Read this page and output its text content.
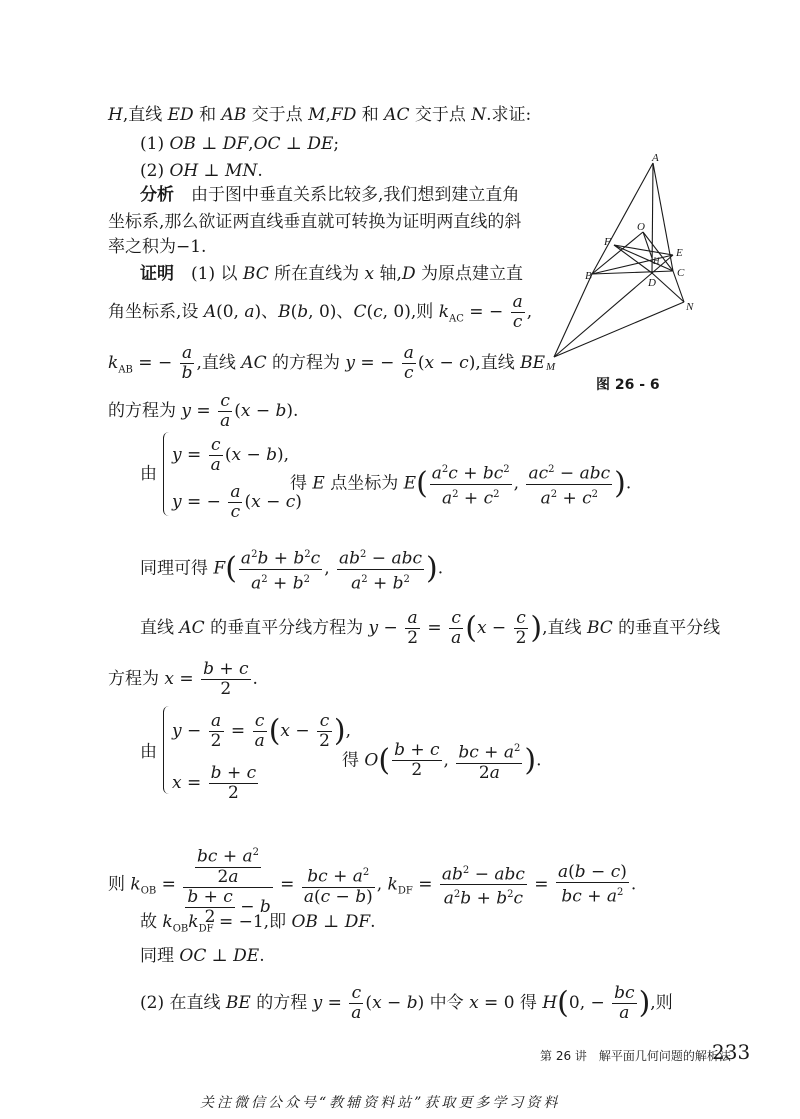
H,直线 ED 和 AB 交于点 M,FD 和 AC 交于点 N.求证:
(1) OB ⊥ DF,OC ⊥ DE;
(2) OH ⊥ MN.
分析　 由于图中垂直关系比较多,我们想到建立直角
坐标系,那么欲证两直线垂直就可转换为证明两直线的斜
率之积为−1.
证明　(1) 以 BC 所在直线为 x 轴,D 为原点建立直
角坐标系,设 A(0, a)、B(b, 0)、C(c, 0),则 $k_{AC}$ = − $\frac{a}{c}$ ,
$k_{AB}$ = − $\frac{a}{b}$ ,直线 AC 的方程为 y = − $\frac{a}{c} (x - c)$,直线 BE
的方程为 $y = \frac{c}{a} (x - b)$.
由
$y = \frac{c}{a} (x - b)$,
y = − $\frac{a}{c} (x - c)$
得 E 点坐标为 $E( \frac{a^2c + bc^2}{a^2 + c^2}$ , $\frac{ac^2 - abc}{a^2 + c^2}$ ).
同理可得 $F( \frac{a^2b + b^2c}{a^2 + b^2}$ , $\frac{ab^2 - abc}{a^2 + b^2}$ ).
直线 AC 的垂直平分线方程为 $y - \frac{a}{2} = \frac{c}{a} (x - \frac{c}{2}$ ),直线 BC 的垂直平分线
方程为 $x = \frac{b + c}{2}$ .
由
$y - \frac{a}{2} = \frac{c}{a} (x - \frac{c}{2}$ ),
$x = \frac{b + c}{2}$
得 $O( \frac{b + c}{2}$ , $\frac{bc + a^2}{2a}$ ).
则 $k_{OB} = \frac{\frac{bc + a^2}{2a}}{\frac{b + c}{2} - b} = \frac{bc + a^2}{a(c - b)}$ , $k_{DF} = \frac{ab^2 - abc}{a^2b + b^2c} = \frac{a(b - c)}{bc + a^2}$ .
故 $k_{OB}k_{DF} = -1$,即 OB ⊥ DF.
同理 OC ⊥ DE.
(2) 在直线 BE 的方程 $y = \frac{c}{a} (x - b)$ 中令 x = 0 得 H(0, − $\frac{bc}{a}$ ),则
A
O
F
E
B
H
C
D
N
M
图 26 - 6
第 26 讲　解平面几何问题的解析法
233
关注微信公众号“教辅资料站”获取更多学习资料
